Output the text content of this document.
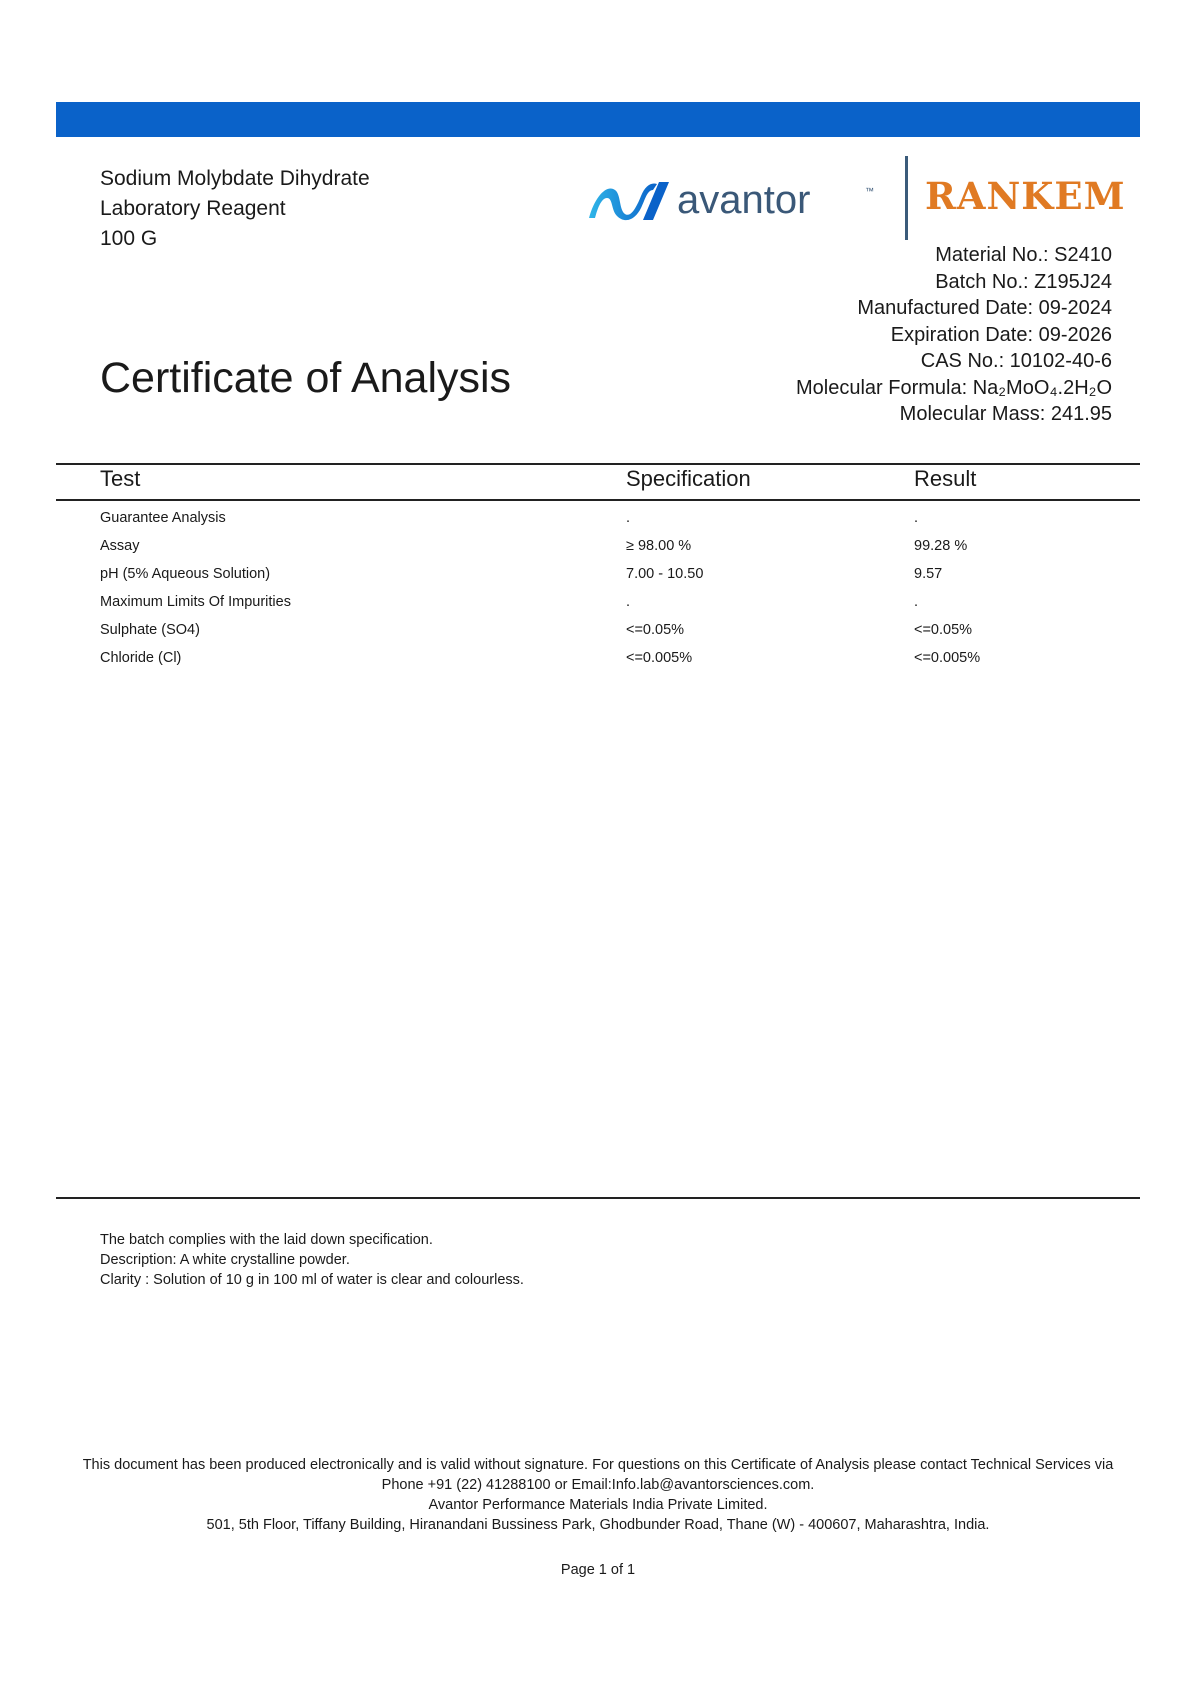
Sodium Molybdate Dihydrate
Laboratory Reagent
100 G
avantor	™ RANKEM
Material No.: S2410
Batch No.: Z195J24
Manufactured Date: 09-2024
Expiration Date: 09-2026
CAS No.: 10102-40-6
Molecular Formula: Na₂MoO₄.2H₂O
Molecular Mass: 241.95
Certificate of Analysis
Test	Specification	Result
Guarantee Analysis	.	.
Assay	≥ 98.00 %	99.28 %
pH (5% Aqueous Solution)	7.00 - 10.50	9.57
Maximum Limits Of Impurities	.	.
Sulphate (SO4)	<=0.05%	<=0.05%
Chloride (Cl)	<=0.005%	<=0.005%
The batch complies with the laid down specification.
Description: A white crystalline powder.
Clarity : Solution of 10 g in 100 ml of water is clear and colourless.
This document has been produced electronically and is valid without signature. For questions on this Certificate of Analysis please contact Technical Services via
Phone +91 (22) 41288100 or Email:Info.lab@avantorsciences.com.
Avantor Performance Materials India Private Limited.
501, 5th Floor, Tiffany Building, Hiranandani Bussiness Park, Ghodbunder Road, Thane (W) - 400607, Maharashtra, India.
Page 1 of 1
